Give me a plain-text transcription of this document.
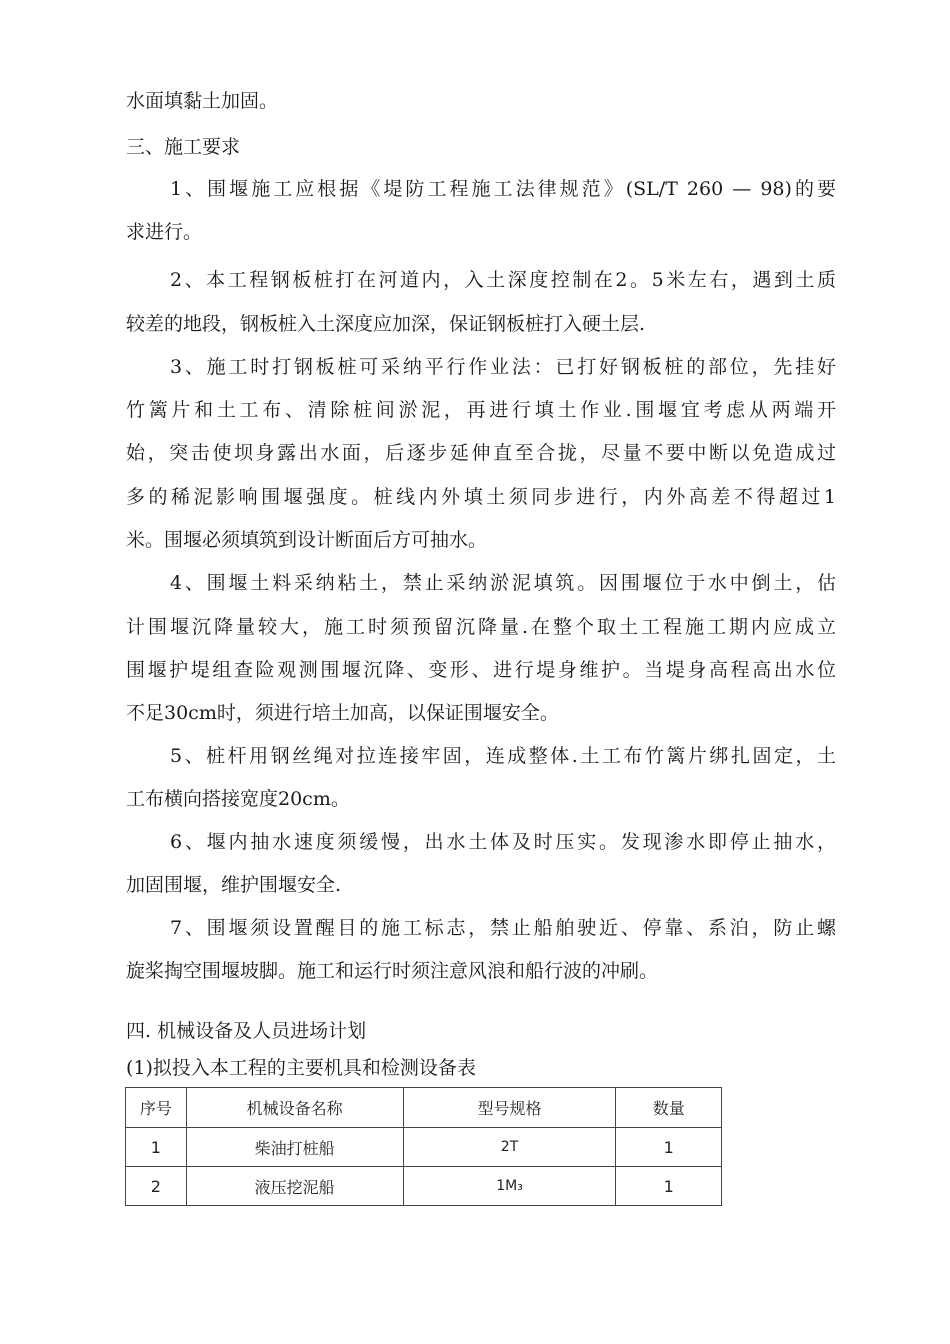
水面填黏土加固。
三、施工要求
1、围堰施工应根据《堤防工程施工法律规范》(SL/T 260 — 98)的要
求进行。
2、本工程钢板桩打在河道内，入土深度控制在2。5米左右，遇到土质
较差的地段，钢板桩入土深度应加深，保证钢板桩打入硬土层.
3、施工时打钢板桩可采纳平行作业法：已打好钢板桩的部位，先挂好
竹篱片和土工布、清除桩间淤泥，再进行填土作业.围堰宜考虑从两端开
始，突击使坝身露出水面，后逐步延伸直至合拢，尽量不要中断以免造成过
多的稀泥影响围堰强度。桩线内外填土须同步进行，内外高差不得超过1
米。围堰必须填筑到设计断面后方可抽水。
4、围堰土料采纳粘土，禁止采纳淤泥填筑。因围堰位于水中倒土，估
计围堰沉降量较大，施工时须预留沉降量.在整个取土工程施工期内应成立
围堰护堤组查险观测围堰沉降、变形、进行堤身维护。当堤身高程高出水位
不足30cm时，须进行培土加高，以保证围堰安全。
5、桩杆用钢丝绳对拉连接牢固，连成整体.土工布竹篱片绑扎固定，土
工布横向搭接宽度20cm。
6、堰内抽水速度须缓慢，出水土体及时压实。发现渗水即停止抽水，
加固围堰，维护围堰安全.
7、围堰须设置醒目的施工标志，禁止船舶驶近、停靠、系泊，防止螺
旋桨掏空围堰坡脚。施工和运行时须注意风浪和船行波的冲刷。
四. 机械设备及人员进场计划
(1)拟投入本工程的主要机具和检测设备表
序号	机械设备名称	型号规格	数量
1	柴油打桩船	2T	1
2	液压挖泥船	1M₃	1
